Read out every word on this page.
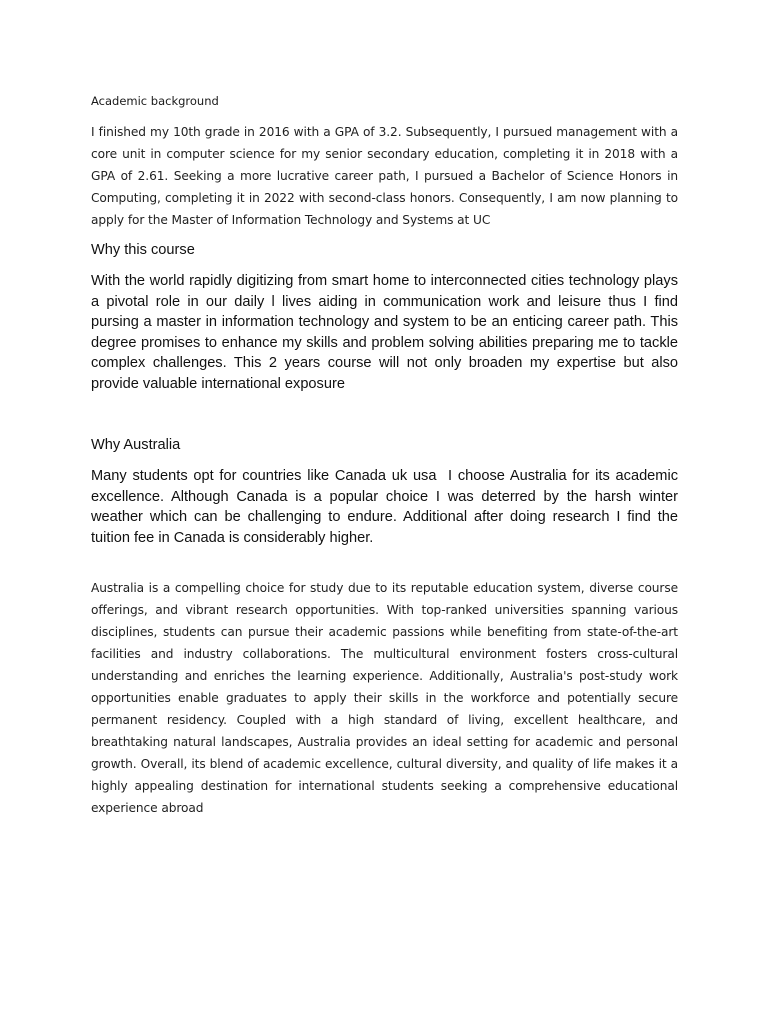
Academic background

I finished my 10th grade in 2016 with a GPA of 3.2. Subsequently, I pursued management with a core unit in computer science for my senior secondary education, completing it in 2018 with a GPA of 2.61. Seeking a more lucrative career path, I pursued a Bachelor of Science Honors in Computing, completing it in 2022 with second-class honors. Consequently, I am now planning to apply for the Master of Information Technology and Systems at UC

Why this course

With the world rapidly digitizing from smart home to interconnected cities technology plays a pivotal role in our daily l lives aiding in communication work and leisure thus I find pursing a master in information technology and system to be an enticing career path. This degree promises to enhance my skills and problem solving abilities preparing me to tackle complex challenges. This 2 years course will not only broaden my expertise but also provide valuable international exposure

Why Australia

Many students opt for countries like Canada uk usa  I choose Australia for its academic excellence. Although Canada is a popular choice I was deterred by the harsh winter weather which can be challenging to endure. Additional after doing research I find the tuition fee in Canada is considerably higher.

Australia is a compelling choice for study due to its reputable education system, diverse course offerings, and vibrant research opportunities. With top-ranked universities spanning various disciplines, students can pursue their academic passions while benefiting from state-of-the-art facilities and industry collaborations. The multicultural environment fosters cross-cultural understanding and enriches the learning experience. Additionally, Australia's post-study work opportunities enable graduates to apply their skills in the workforce and potentially secure permanent residency. Coupled with a high standard of living, excellent healthcare, and breathtaking natural landscapes, Australia provides an ideal setting for academic and personal growth. Overall, its blend of academic excellence, cultural diversity, and quality of life makes it a highly appealing destination for international students seeking a comprehensive educational experience abroad
